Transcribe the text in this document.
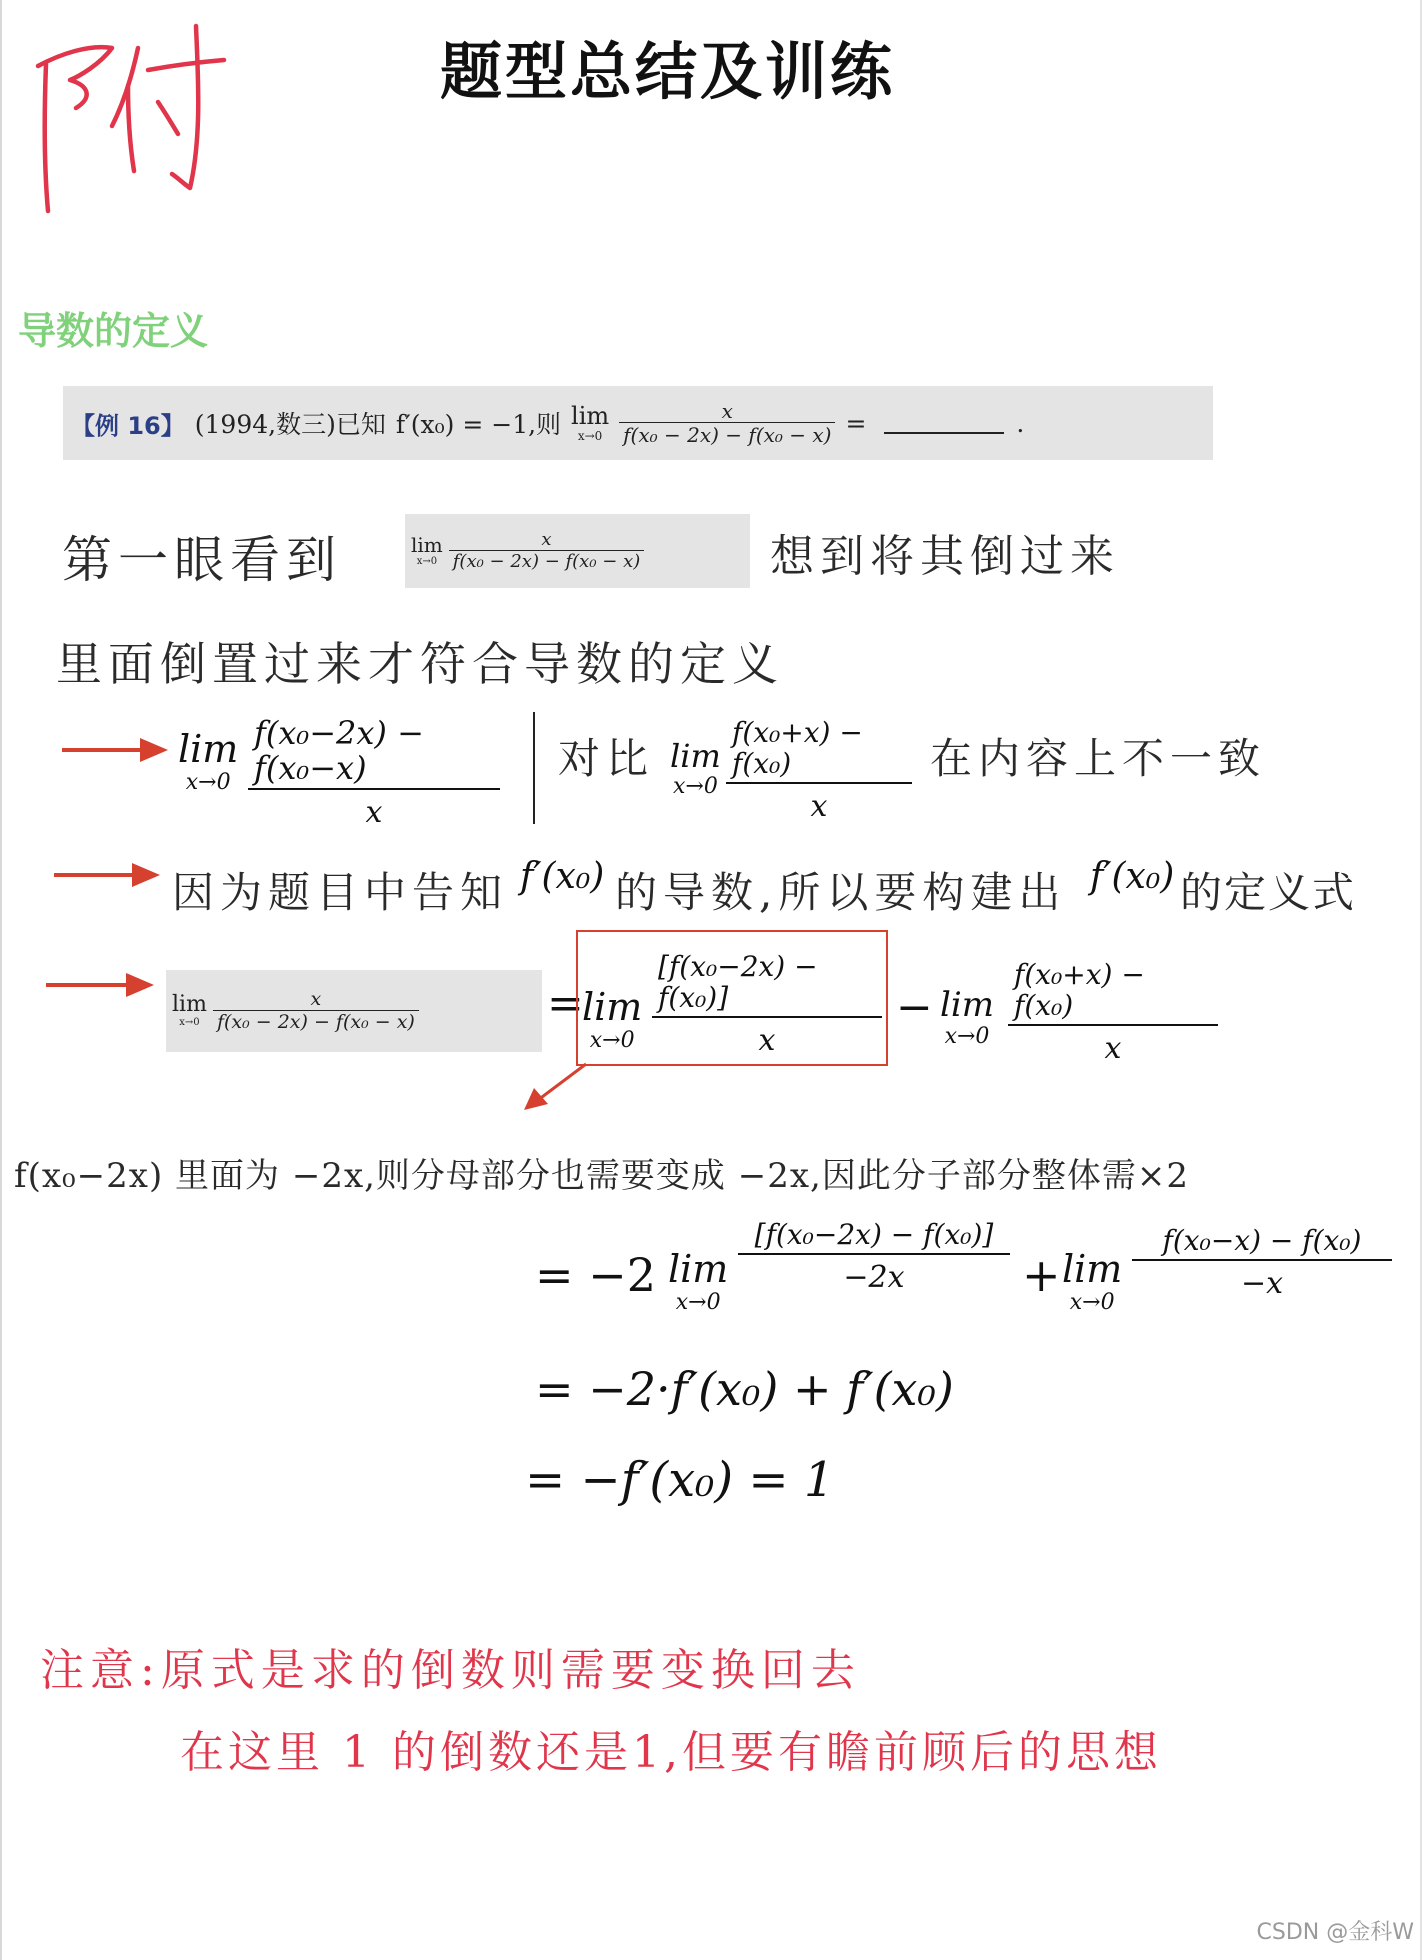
题型总结及训练
导数的定义
【例 16】 (1994,数三)已知 f′(x₀) = −1,则 lim
$x\to 0 \frac{x}{\text{f(x₀ − 2x) − f(x₀ − x)}}$ =	.
第一眼看到	lim
$x\to 0 \frac{x}{\text{f(x₀ − 2x) − f(x₀ − x)}}$	想到将其倒过来
里面倒置过来才符合导数的定义
lim
$x\to 0 \frac{\text{f(x₀−2x) − f(x₀−x)}}{x}$ 对比 lim
$x\to 0 \frac{\text{f(x₀+x) − f(x₀)}}{x}$ 在内容上不一致
因为题目中告知 f′(x₀) 的导数,所以要构建出 f′(x₀) 的定义式
lim
$x\to 0 \frac{x}{\text{f(x₀ − 2x) − f(x₀ − x)}}$	=
lim
$x\to 0 \frac{\text{[f(x₀−2x) − f(x₀)]}}{x} - \lim$
$x\to 0 \frac{\text{f(x₀+x) − f(x₀)}}{x}$
f(x₀−2x) 里面为 −2x,则分母部分也需要变成 −2x,因此分子部分整体需×2
= −2 lim
x→0
$\frac{\text{[f(x₀−2x) − f(x₀)]}}{-2x} + \lim$
x→0
$\frac{\text{f(x₀−x) − f(x₀)}}{-x}$
= −2·f′(x₀) + f′(x₀)
= −f′(x₀) = 1
注意:原式是求的倒数则需要变换回去
在这里 1 的倒数还是1,但要有瞻前顾后的思想
CSDN @金科W
